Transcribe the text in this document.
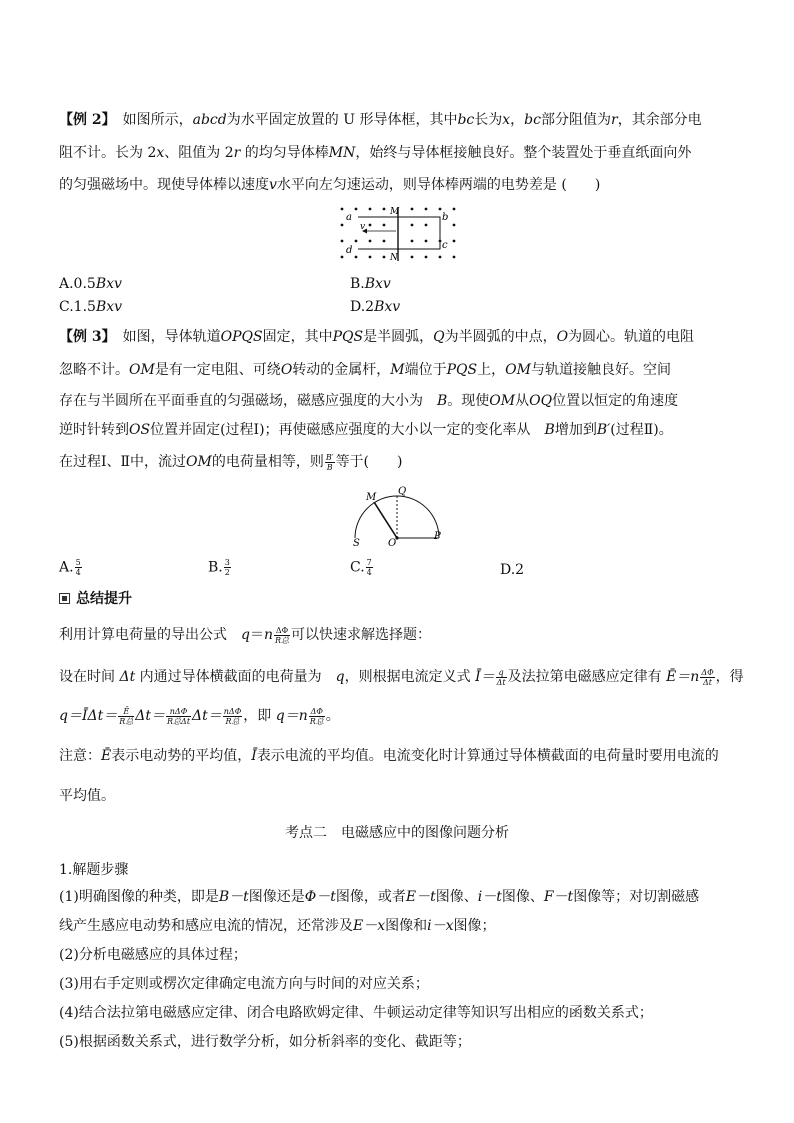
【例 2】　 如图所示，abcd为水平固定放置的 U 形导体框，其中bc长为x，bc部分阻值为r，其余部分电
阻不计。长为 2x、阻值为 2r 的均匀导体棒MN，始终与导体框接触良好。整个装置处于垂直纸面向外
的匀强磁场中。现使导体棒以速度v水平向左匀速运动，则导体棒两端的电势差是 (　　)
a	b
c
d
M
N
v
A.0.5Bxv	B.Bxv
C.1.5Bxv	D.2Bxv
【例 3】　 如图，导体轨道OPQS固定，其中PQS是半圆弧，Q为半圆弧的中点，O为圆心。轨道的电阻
忽略不计。OM是有一定电阻、可绕O转动的金属杆，M端位于PQS上，OM与轨道接触良好。空间
存在与半圆所在平面垂直的匀强磁场，磁感应强度的大小为　B。现使OM从OQ位置以恒定的角速度
逆时针转到OS位置并固定(过程Ⅰ)；再使磁感应强度的大小以一定的变化率从　B增加到B′(过程Ⅱ)。
在过程Ⅰ、Ⅱ中，流过OM的电荷量相等，则 $\frac{B'}{B}$ 等于(　　)
M
Q
S	O
P
A. $\frac{5}{4}$	B. $\frac{3}{2}$	C. $\frac{7}{4}$	D.2
总结提升
利用计算电荷量的导出公式　 $q=n \frac{\Delta\Phi}{\text{R总}}$ 可以快速求解选择题：
设在时间 Δt 内通过导体横截面的电荷量为　 q，则根据电流定义式 Ī＝ $\frac{q}{\Delta t}$ 及法拉第电磁感应定律有 Ē＝n $\frac{\Delta\Phi}{\Delta t}$ ，得
q＝ĪΔt＝ $\frac{Ē}{\text{R总}} \Delta t= \frac{\text{nΔΦ}}{\text{R总Δt}} \Delta t= \frac{\text{nΔΦ}}{\text{R总}}$ ，即 $q=n \frac{\Delta\Phi}{\text{R总}}$ 。
注意：Ē表示电动势的平均值，Ī表示电流的平均值。电流变化时计算通过导体横截面的电荷量时要用电流的
平均值。
考点二　电磁感应中的图像问题分析
1.解题步骤
(1)明确图像的种类，即是B－t图像还是Φ－t图像，或者E－t图像、i－t图像、F－t图像等；对切割磁感
线产生感应电动势和感应电流的情况，还常涉及E－x图像和i－x图像；
(2)分析电磁感应的具体过程；
(3)用右手定则或楞次定律确定电流方向与时间的对应关系；
(4)结合法拉第电磁感应定律、闭合电路欧姆定律、牛顿运动定律等知识写出相应的函数关系式；
(5)根据函数关系式，进行数学分析，如分析斜率的变化、截距等；
